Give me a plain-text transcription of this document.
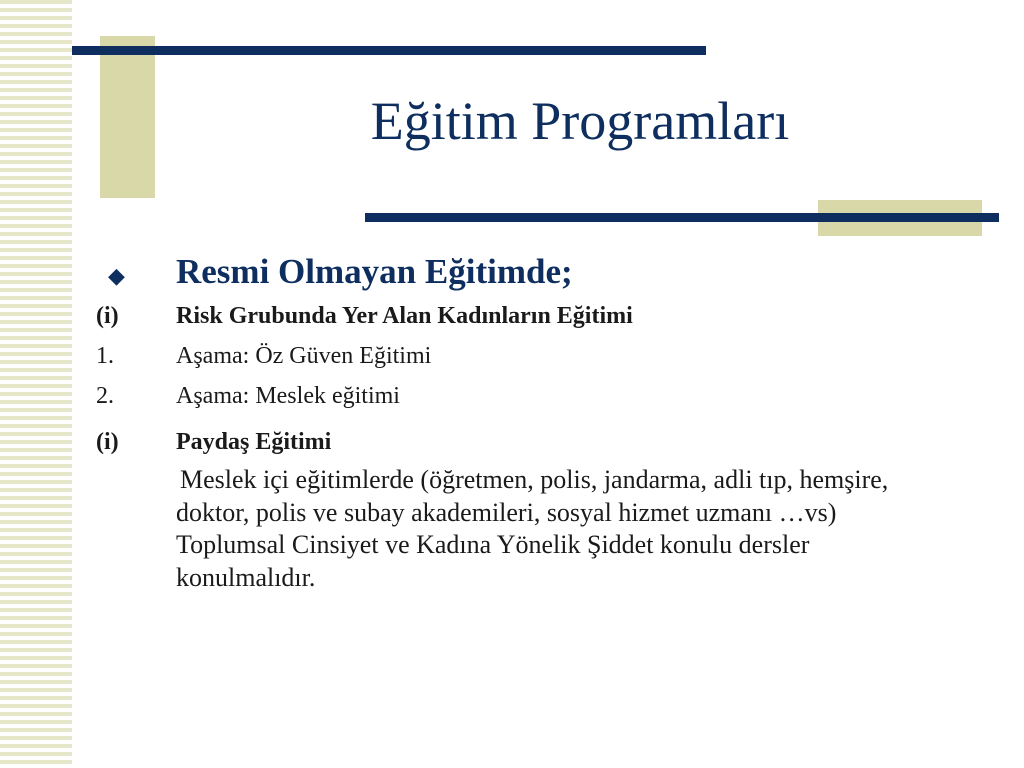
Eğitim Programları
◆	Resmi Olmayan Eğitimde;
(i)	Risk Grubunda Yer Alan Kadınların Eğitimi
1.	Aşama: Öz Güven Eğitimi
2.	Aşama: Meslek eğitimi
(i)	Paydaş Eğitimi
Meslek içi eğitimlerde (öğretmen, polis, jandarma, adli tıp, hemşire, doktor, polis ve subay akademileri, sosyal hizmet uzmanı …vs) Toplumsal Cinsiyet ve Kadına Yönelik Şiddet konulu dersler konulmalıdır.
